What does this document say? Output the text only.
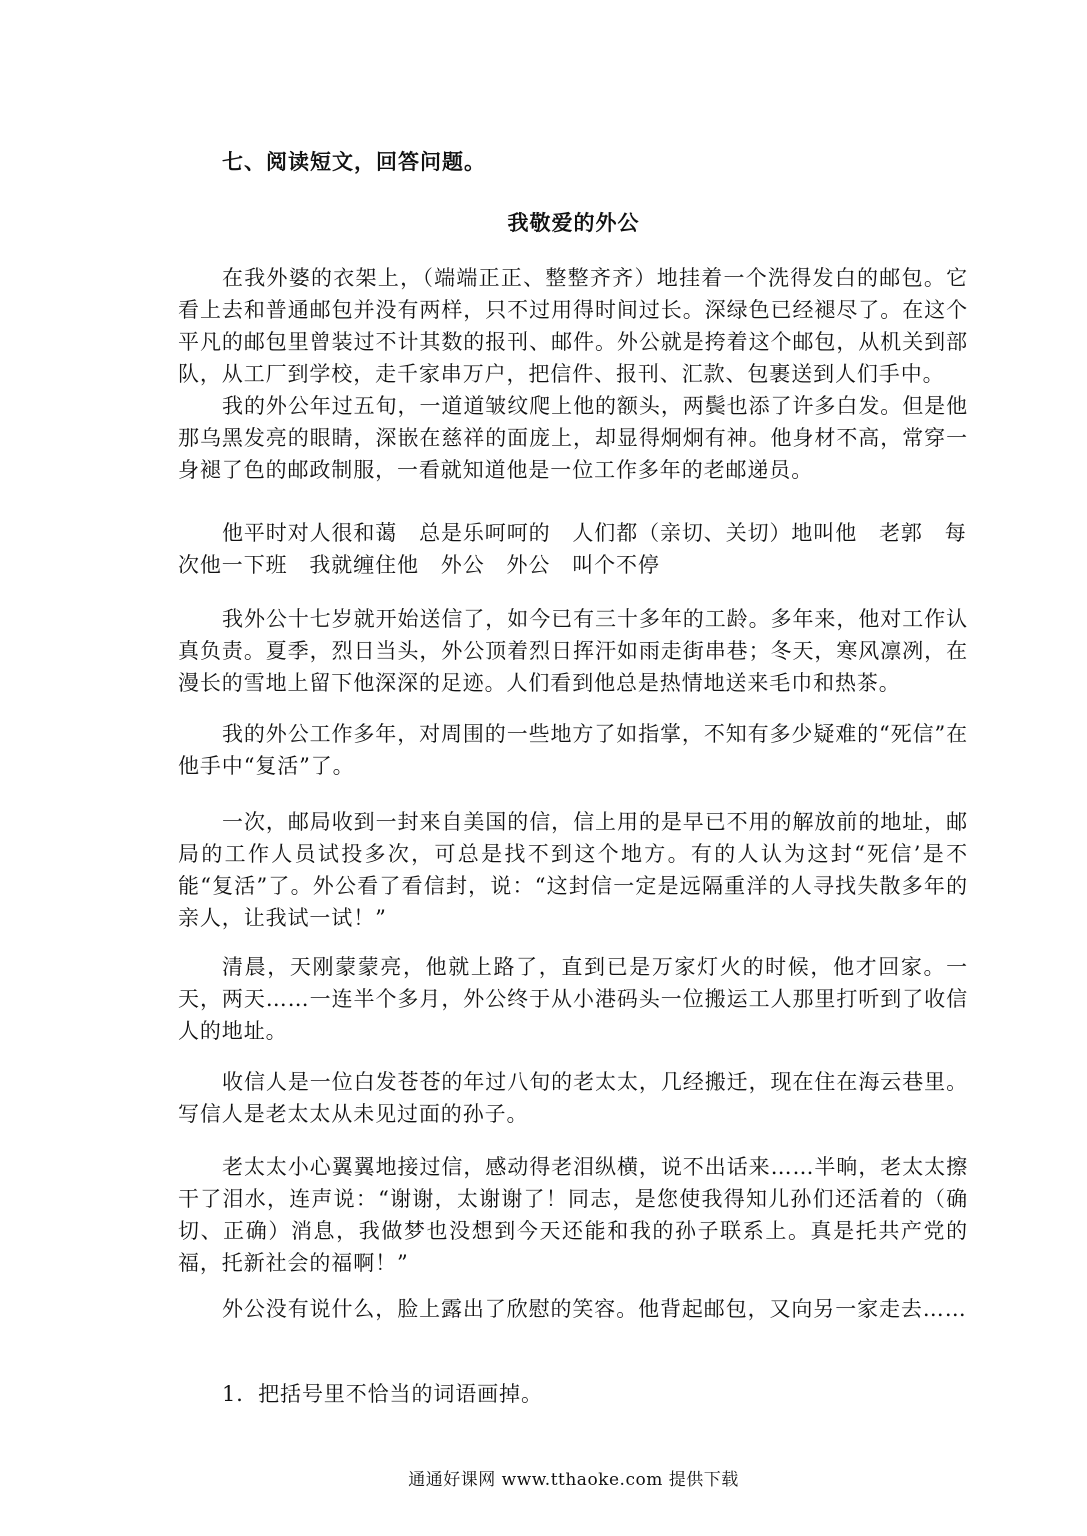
七、阅读短文，回答问题。
我敬爱的外公

在我外婆的衣架上，（端端正正、整整齐齐）地挂着一个洗得发白的邮包。它看上去和普通邮包并没有两样，只不过用得时间过长。深绿色已经褪尽了。在这个平凡的邮包里曾装过不计其数的报刊、邮件。外公就是挎着这个邮包，从机关到部队，从工厂到学校，走千家串万户，把信件、报刊、汇款、包裹送到人们手中。

我的外公年过五旬，一道道皱纹爬上他的额头，两鬓也添了许多白发。但是他那乌黑发亮的眼睛，深嵌在慈祥的面庞上，却显得炯炯有神。他身材不高，常穿一身褪了色的邮政制服，一看就知道他是一位工作多年的老邮递员。

他平时对人很和蔼　总是乐呵呵的　人们都（亲切、关切）地叫他　老郭　每次他一下班　我就缠住他　外公　外公　叫个不停

我外公十七岁就开始送信了，如今已有三十多年的工龄。多年来，他对工作认真负责。夏季，烈日当头，外公顶着烈日挥汗如雨走街串巷；冬天，寒风凛冽，在漫长的雪地上留下他深深的足迹。人们看到他总是热情地送来毛巾和热茶。

我的外公工作多年，对周围的一些地方了如指掌，不知有多少疑难的“死信”在他手中“复活”了。

一次，邮局收到一封来自美国的信，信上用的是早已不用的解放前的地址，邮局的工作人员试投多次，可总是找不到这个地方。有的人认为这封“死信’是不能“复活”了。外公看了看信封，说：“这封信一定是远隔重洋的人寻找失散多年的亲人，让我试一试！”

清晨，天刚蒙蒙亮，他就上路了，直到已是万家灯火的时候，他才回家。一天，两天……一连半个多月，外公终于从小港码头一位搬运工人那里打听到了收信人的地址。

收信人是一位白发苍苍的年过八旬的老太太，几经搬迁，现在住在海云巷里。写信人是老太太从未见过面的孙子。

老太太小心翼翼地接过信，感动得老泪纵横，说不出话来……半晌，老太太擦干了泪水，连声说：“谢谢，太谢谢了！同志，是您使我得知儿孙们还活着的（确切、正确）消息，我做梦也没想到今天还能和我的孙子联系上。真是托共产党的福，托新社会的福啊！”

外公没有说什么，脸上露出了欣慰的笑容。他背起邮包，又向另一家走去……

1．把括号里不恰当的词语画掉。
通通好课网 www.tthaoke.com 提供下载
